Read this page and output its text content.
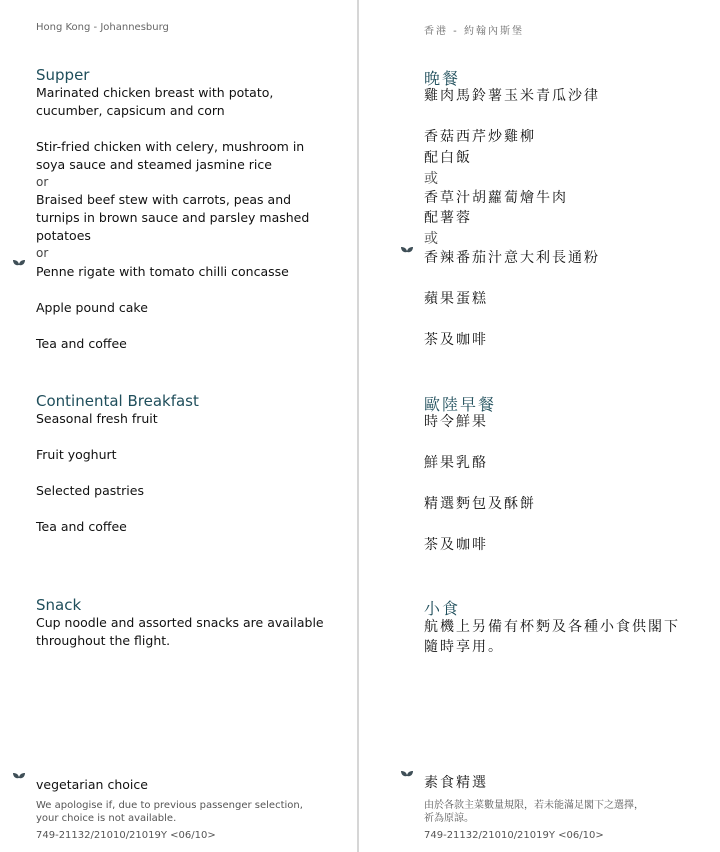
Hong Kong - Johannesburg
Supper
Marinated chicken breast with potato, cucumber, capsicum and corn
Stir-fried chicken with celery, mushroom in soya sauce and steamed jasmine rice
or
Braised beef stew with carrots, peas and turnips in brown sauce and parsley mashed potatoes
or
Penne rigate with tomato chilli concasse
Apple pound cake
Tea and coffee
Continental Breakfast
Seasonal fresh fruit
Fruit yoghurt
Selected pastries
Tea and coffee
Snack
Cup noodle and assorted snacks are available throughout the flight.
vegetarian choice
We apologise if, due to previous passenger selection, your choice is not available.
749-21132/21010/21019Y <06/10>
香港 - 約翰內斯堡
晚餐
雞肉馬鈴薯玉米青瓜沙律
香菇西芹炒雞柳
配白飯
或
香草汁胡蘿蔔燴牛肉
配薯蓉
或
香辣番茄汁意大利長通粉
蘋果蛋糕
茶及咖啡
歐陸早餐
時令鮮果
鮮果乳酪
精選麪包及酥餅
茶及咖啡
小食
航機上另備有杯麪及各種小食供閣下
隨時享用。
素食精選
由於各款主菜數量規限，若未能滿足閣下之選擇，
祈為原諒。
749-21132/21010/21019Y <06/10>
